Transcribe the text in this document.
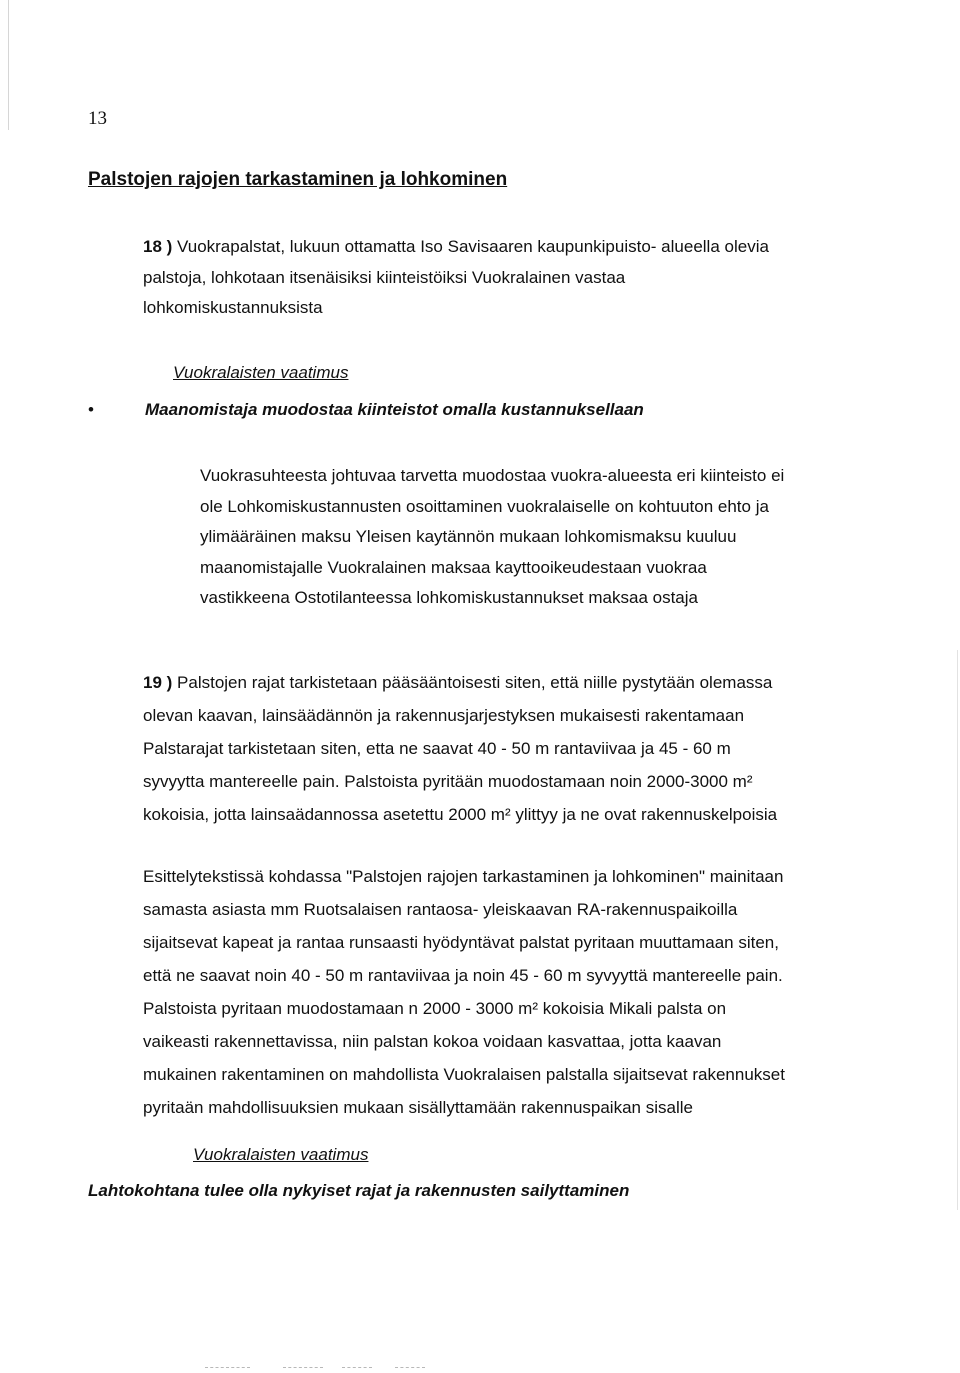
13
Palstojen rajojen tarkastaminen ja lohkominen
18 ) Vuokrapalstat, lukuun ottamatta Iso Savisaaren kaupunkipuisto- alueella olevia
palstoja, lohkotaan itsenäisiksi kiinteistöiksi Vuokralainen vastaa
lohkomiskustannuksista
Vuokralaisten vaatimus
•	Maanomistaja muodostaa kiinteistot omalla kustannuksellaan
Vuokrasuhteesta johtuvaa tarvetta muodostaa vuokra-alueesta eri kiinteisto ei
ole Lohkomiskustannusten osoittaminen vuokralaiselle on kohtuuton ehto ja
ylimääräinen maksu Yleisen kaytännön mukaan lohkomismaksu kuuluu
maanomistajalle Vuokralainen maksaa kayttooikeudestaan vuokraa
vastikkeena Ostotilanteessa lohkomiskustannukset maksaa ostaja
19 ) Palstojen rajat tarkistetaan pääsääntoisesti siten, että niille pystytään olemassa
olevan kaavan, lainsäädännön ja rakennusjarjestyksen mukaisesti rakentamaan
Palstarajat tarkistetaan siten, etta ne saavat 40 - 50 m rantaviivaa ja 45 - 60 m
syvyytta mantereelle pain. Palstoista pyritään muodostamaan noin 2000-3000 m²
kokoisia, jotta lainsaädannossa asetettu 2000 m² ylittyy ja ne ovat rakennuskelpoisia
Esittelytekstissä kohdassa "Palstojen rajojen tarkastaminen ja lohkominen" mainitaan
samasta asiasta mm Ruotsalaisen rantaosa- yleiskaavan RA-rakennuspaikoilla
sijaitsevat kapeat ja rantaa runsaasti hyödyntävat palstat pyritaan muuttamaan siten,
että ne saavat noin 40 - 50 m rantaviivaa ja noin 45 - 60 m syvyyttä mantereelle pain.
Palstoista pyritaan muodostamaan n 2000 - 3000 m² kokoisia Mikali palsta on
vaikeasti rakennettavissa, niin palstan kokoa voidaan kasvattaa, jotta kaavan
mukainen rakentaminen on mahdollista Vuokralaisen palstalla sijaitsevat rakennukset
pyritaän mahdollisuuksien mukaan sisällyttamään rakennuspaikan sisalle
Vuokralaisten vaatimus
Lahtokohtana tulee olla nykyiset rajat ja rakennusten sailyttaminen
